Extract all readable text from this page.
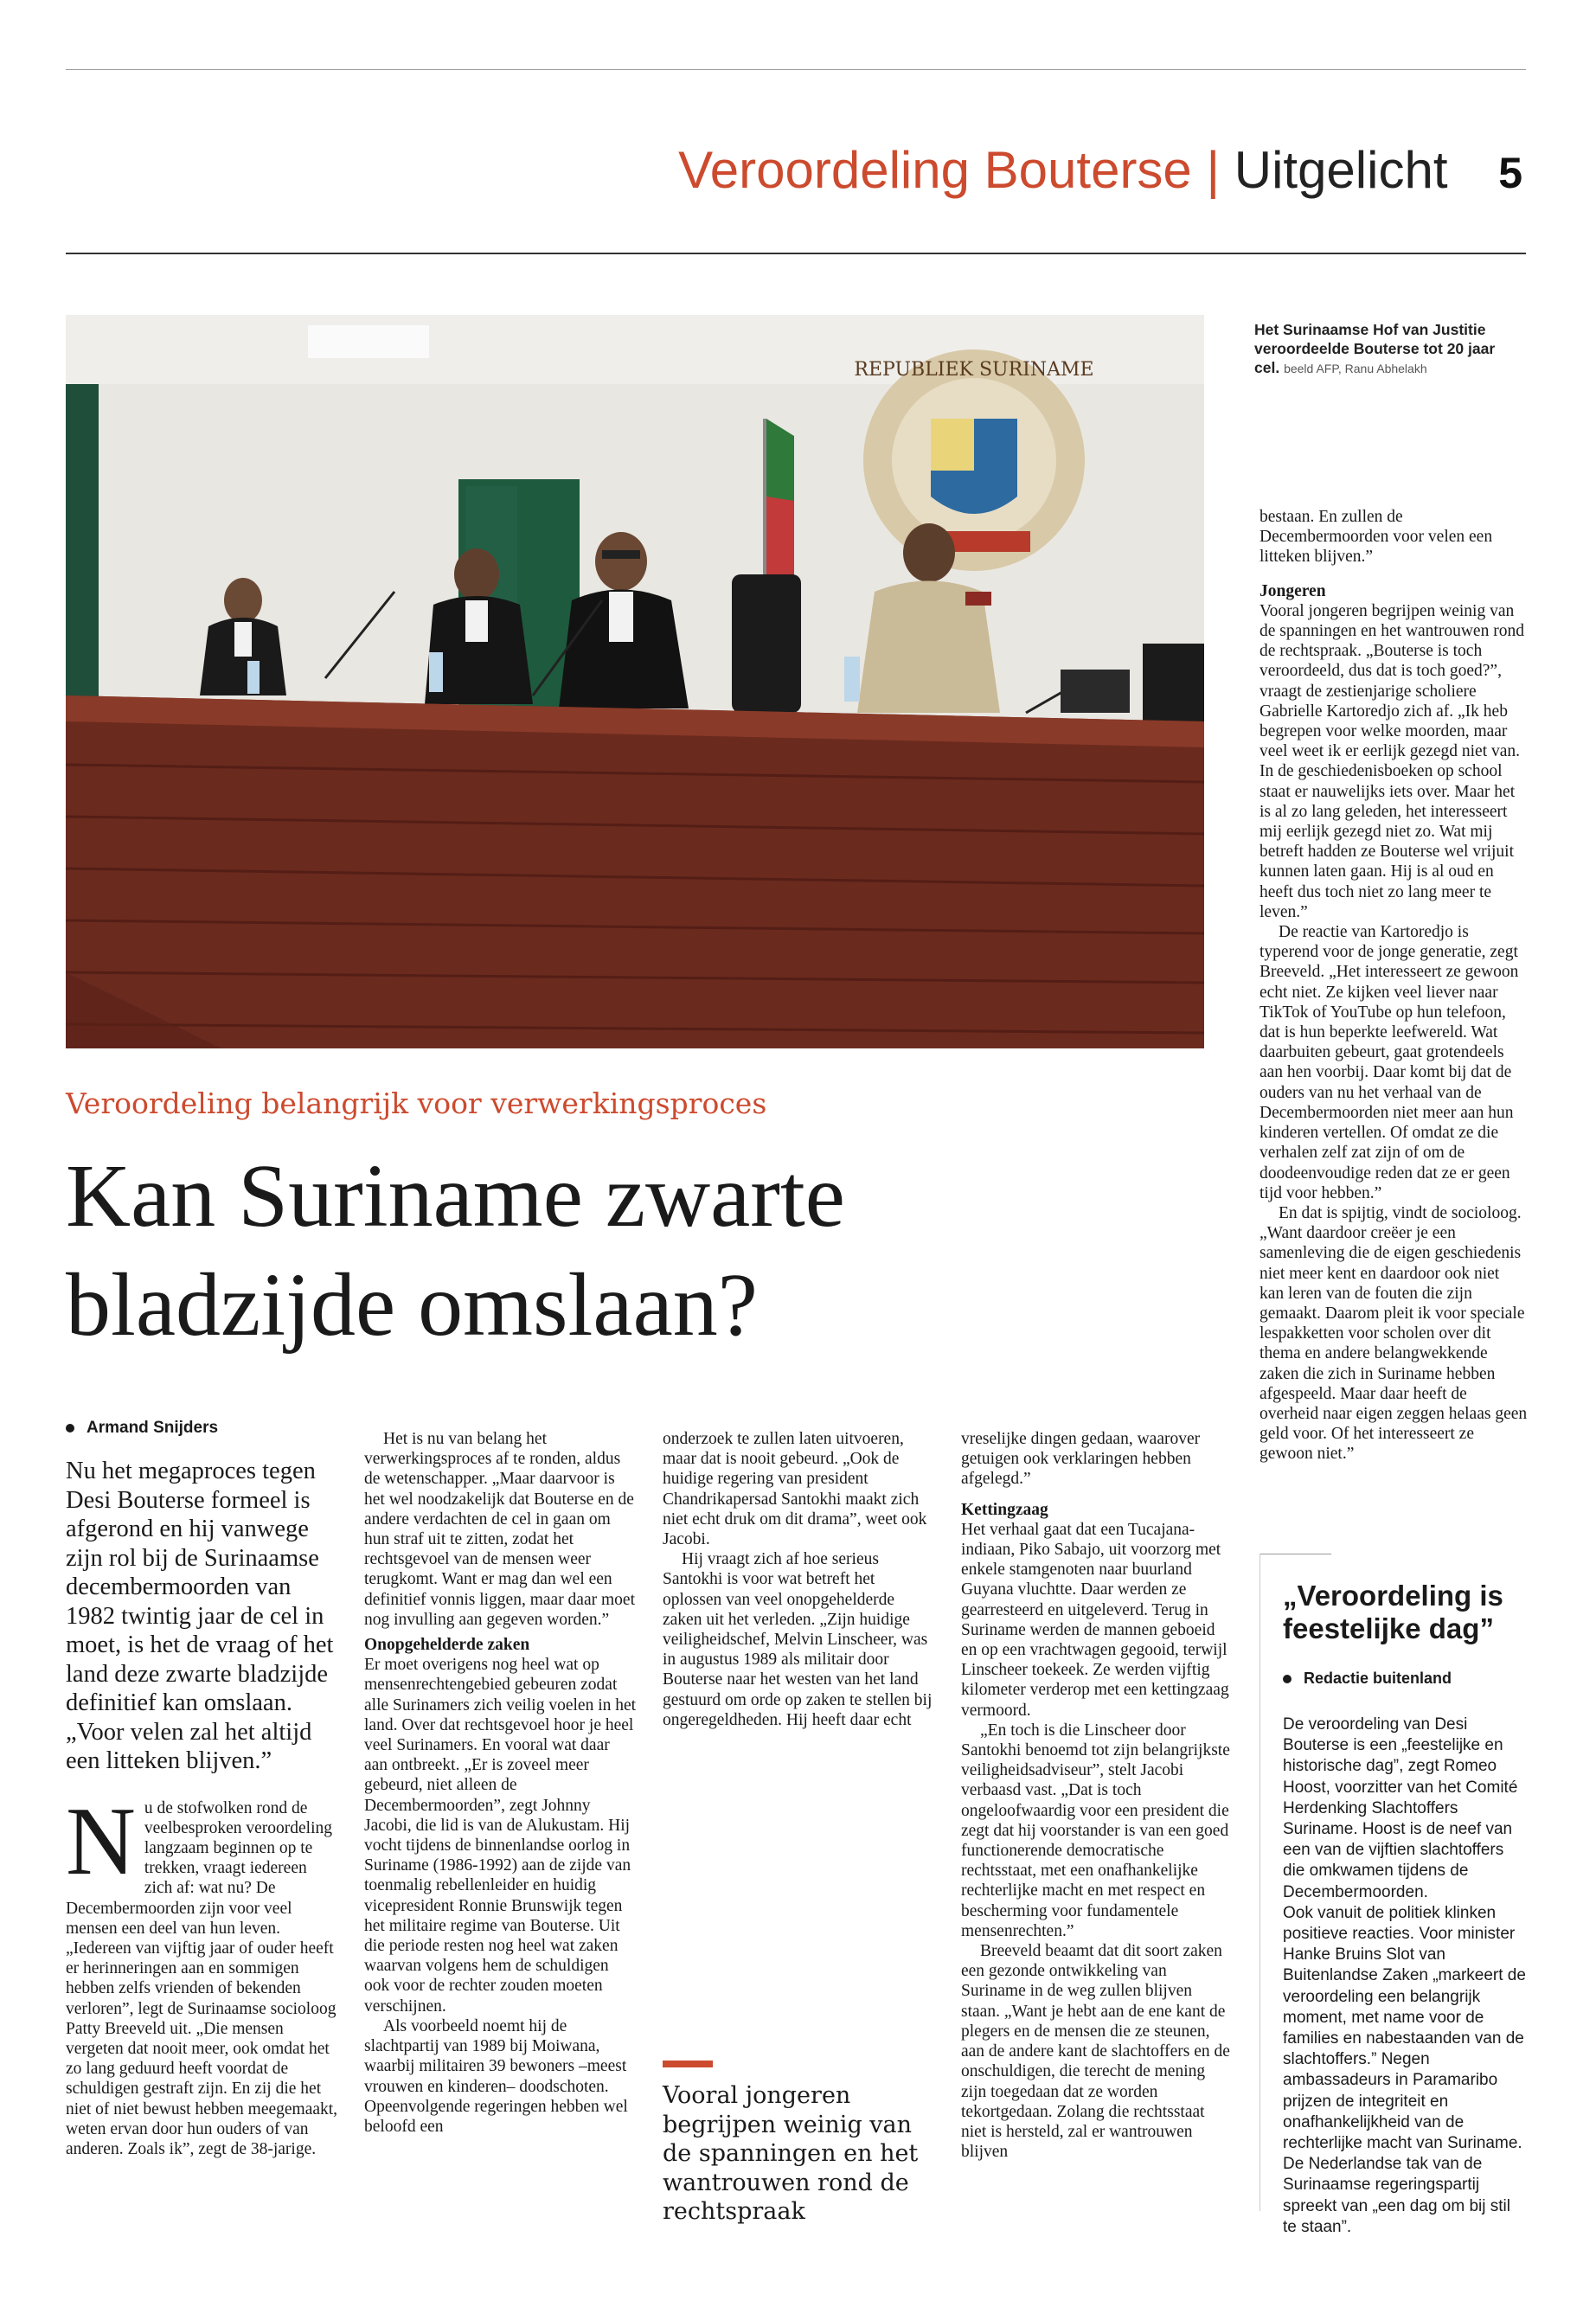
Veroordeling Bouterse | Uitgelicht 5
REPUBLIEK SURINAME
Het Surinaamse Hof van Justitie veroordeelde Bouterse tot 20 jaar cel. beeld AFP, Ranu Abhelakh
Veroordeling belangrijk voor verwerkingsproces
Kan Suriname zwarte bladzijde omslaan?
Armand Snijders
Nu het megaproces tegen Desi Bouterse formeel is afgerond en hij vanwege zijn rol bij de Surinaamse decembermoorden van 1982 twintig jaar de cel in moet, is het de vraag of het land deze zwarte bladzijde definitief kan omslaan. „Voor velen zal het altijd een litteken blijven.”
N u de stofwolken rond de veelbesproken veroordeling langzaam beginnen op te trekken, vraagt iedereen zich af: wat nu? De Decembermoorden zijn voor veel mensen een deel van hun leven. „Iedereen van vijftig jaar of ouder heeft er herinneringen aan en sommigen hebben zelfs vrienden of bekenden verloren”, legt de Surinaamse socioloog Patty Breeveld uit. „Die mensen vergeten dat nooit meer, ook omdat het zo lang geduurd heeft voordat de schuldigen gestraft zijn. En zij die het niet of niet bewust hebben meegemaakt, weten ervan door hun ouders of van anderen. Zoals ik”, zegt de 38-jarige.

Het is nu van belang het verwerkingsproces af te ronden, aldus de wetenschapper. „Maar daarvoor is het wel noodzakelijk dat Bouterse en de andere verdachten de cel in gaan om hun straf uit te zitten, zodat het rechtsgevoel van de mensen weer terugkomt. Want er mag dan wel een definitief vonnis liggen, maar daar moet nog invulling aan gegeven worden.”

Onopgehelderde zaken

Er moet overigens nog heel wat op mensenrechtengebied gebeuren zodat alle Surinamers zich veilig voelen in het land. Over dat rechtsgevoel hoor je heel veel Surinamers. En vooral wat daar aan ontbreekt. „Er is zoveel meer gebeurd, niet alleen de Decembermoorden”, zegt Johnny Jacobi, die lid is van de Alukustam. Hij vocht tijdens de binnenlandse oorlog in Suriname (1986-1992) aan de zijde van toenmalig rebellenleider en huidig vicepresident Ronnie Brunswijk tegen het militaire regime van Bouterse. Uit die periode resten nog heel wat zaken waarvan volgens hem de schuldigen ook voor de rechter zouden moeten verschijnen.

Als voorbeeld noemt hij de slachtpartij van 1989 bij Moiwana, waarbij militairen 39 bewoners –meest vrouwen en kinderen– doodschoten. Opeenvolgende regeringen hebben wel beloofd een

onderzoek te zullen laten uitvoeren, maar dat is nooit gebeurd. „Ook de huidige regering van president Chandrikapersad Santokhi maakt zich niet echt druk om dit drama”, weet ook Jacobi.

Hij vraagt zich af hoe serieus Santokhi is voor wat betreft het oplossen van veel onopgehelderde zaken uit het verleden. „Zijn huidige veiligheidschef, Melvin Linscheer, was in augustus 1989 als militair door Bouterse naar het westen van het land gestuurd om orde op zaken te stellen bij ongeregeldheden. Hij heeft daar echt

Vooral jongeren begrijpen weinig van de spanningen en het wantrouwen rond de rechtspraak

vreselijke dingen gedaan, waarover getuigen ook verklaringen hebben afgelegd.”

Kettingzaag

Het verhaal gaat dat een Tucajana-indiaan, Piko Sabajo, uit voorzorg met enkele stamgenoten naar buurland Guyana vluchtte. Daar werden ze gearresteerd en uitgeleverd. Terug in Suriname werden de mannen geboeid en op een vrachtwagen gegooid, terwijl Linscheer toekeek. Ze werden vijftig kilometer verderop met een kettingzaag vermoord.

„En toch is die Linscheer door Santokhi benoemd tot zijn belangrijkste veiligheidsadviseur”, stelt Jacobi verbaasd vast. „Dat is toch ongeloofwaardig voor een president die zegt dat hij voorstander is van een goed functionerende democratische rechtsstaat, met een onafhankelijke rechterlijke macht en met respect en bescherming voor fundamentele mensenrechten.”

Breeveld beaamt dat dit soort zaken een gezonde ontwikkeling van Suriname in de weg zullen blijven staan. „Want je hebt aan de ene kant de plegers en de mensen die ze steunen, aan de andere kant de slachtoffers en de onschuldigen, die terecht de mening zijn toegedaan dat ze worden tekortgedaan. Zolang die rechtsstaat niet is hersteld, zal er wantrouwen blijven

bestaan. En zullen de Decembermoorden voor velen een litteken blijven.”

Jongeren

Vooral jongeren begrijpen weinig van de spanningen en het wantrouwen rond de rechtspraak. „Bouterse is toch veroordeeld, dus dat is toch goed?”, vraagt de zestienjarige scholiere Gabrielle Kartoredjo zich af. „Ik heb begrepen voor welke moorden, maar veel weet ik er eerlijk gezegd niet van. In de geschiedenisboeken op school staat er nauwelijks iets over. Maar het is al zo lang geleden, het interesseert mij eerlijk gezegd niet zo. Wat mij betreft hadden ze Bouterse wel vrijuit kunnen laten gaan. Hij is al oud en heeft dus toch niet zo lang meer te leven.”

De reactie van Kartoredjo is typerend voor de jonge generatie, zegt Breeveld. „Het interesseert ze gewoon echt niet. Ze kijken veel liever naar TikTok of YouTube op hun telefoon, dat is hun beperkte leefwereld. Wat daarbuiten gebeurt, gaat grotendeels aan hen voorbij. Daar komt bij dat de ouders van nu het verhaal van de Decembermoorden niet meer aan hun kinderen vertellen. Of omdat ze die verhalen zelf zat zijn of om de doodeenvoudige reden dat ze er geen tijd voor hebben.”

En dat is spijtig, vindt de socioloog. „Want daardoor creëer je een samenleving die de eigen geschiedenis niet meer kent en daardoor ook niet kan leren van de fouten die zijn gemaakt. Daarom pleit ik voor speciale lespakketten voor scholen over dit thema en andere belangwekkende zaken die zich in Suriname hebben afgespeeld. Maar daar heeft de overheid naar eigen zeggen helaas geen geld voor. Of het interesseert ze gewoon niet.”

„Veroordeling is feestelijke dag”
Redactie buitenland

De veroordeling van Desi Bouterse is een „feestelijke en historische dag”, zegt Romeo Hoost, voorzitter van het Comité Herdenking Slachtoffers Suriname. Hoost is de neef van een van de vijftien slachtoffers die omkwamen tijdens de Decembermoorden.

Ook vanuit de politiek klinken positieve reacties. Voor minister Hanke Bruins Slot van Buitenlandse Zaken „markeert de veroordeling een belangrijk moment, met name voor de families en nabestaanden van de slachtoffers.” Negen ambassadeurs in Paramaribo prijzen de integriteit en onafhankelijkheid van de rechterlijke macht van Suriname. De Nederlandse tak van de Surinaamse regeringspartij spreekt van „een dag om bij stil te staan”.
